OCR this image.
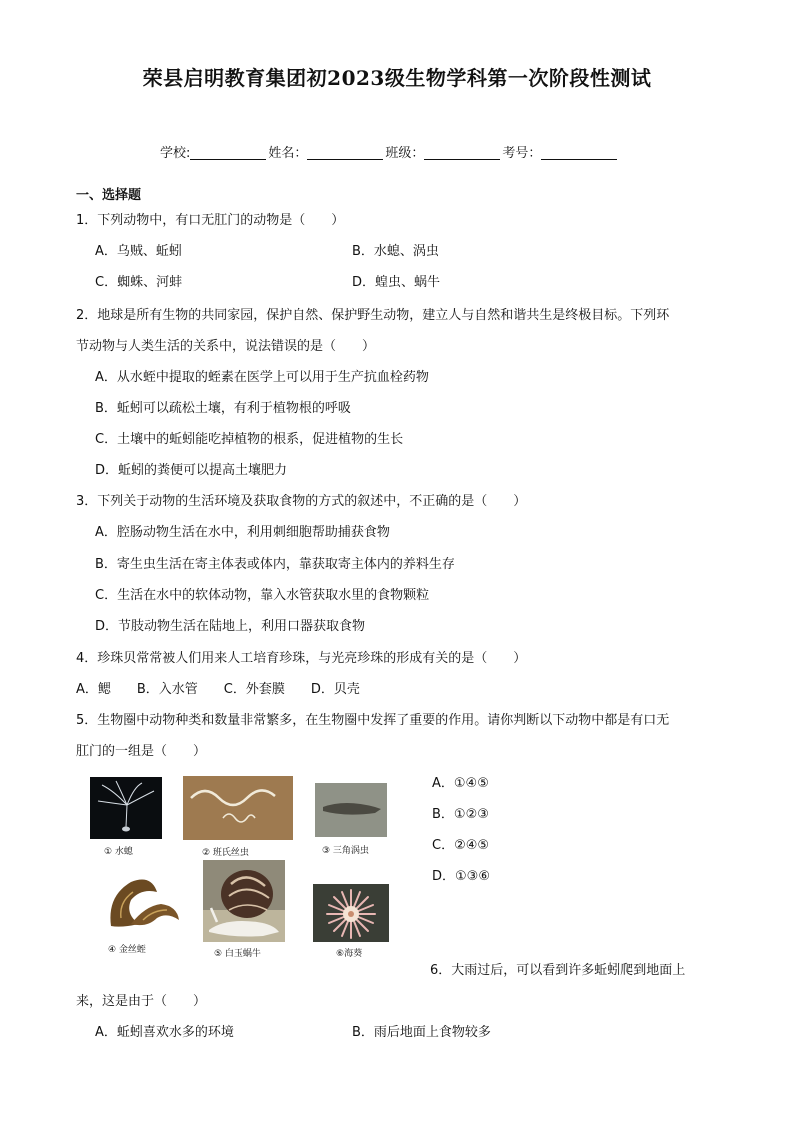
荣县启明教育集团初2023级生物学科第一次阶段性测试
学校:	姓名：	班级：	考号：
一、选择题
1．下列动物中，有口无肛门的动物是（　　）
A．乌贼、蚯蚓	B．水螅、涡虫
C．蜘蛛、河蚌	D．蝗虫、蜗牛
2．地球是所有生物的共同家园，保护自然、保护野生动物，建立人与自然和谐共生是终极目标。下列环
节动物与人类生活的关系中，说法错误的是（　　）
A．从水蛭中提取的蛭素在医学上可以用于生产抗血栓药物
B．蚯蚓可以疏松土壤，有利于植物根的呼吸
C．土壤中的蚯蚓能吃掉植物的根系，促进植物的生长
D．蚯蚓的粪便可以提高土壤肥力
3．下列关于动物的生活环境及获取食物的方式的叙述中，不正确的是（　　）
A．腔肠动物生活在水中，利用刺细胞帮助捕获食物
B．寄生虫生活在寄主体表或体内，靠获取寄主体内的养料生存
C．生活在水中的软体动物，靠入水管获取水里的食物颗粒
D．节肢动物生活在陆地上，利用口器获取食物
4．珍珠贝常常被人们用来人工培育珍珠，与光亮珍珠的形成有关的是（　　）
A．鳃　　B．入水管　　C．外套膜　　D．贝壳
5．生物圈中动物种类和数量非常繁多，在生物圈中发挥了重要的作用。请你判断以下动物中都是有口无
肛门的一组是（　　）
① 水螅	② 班氏丝虫	③ 三角涡虫
④ 金丝蛭	⑤ 白玉蜗牛	⑥海葵
A．①④⑤
B．①②③
C．②④⑤
D．①③⑥
6．大雨过后，可以看到许多蚯蚓爬到地面上
来，这是由于（　　）
A．蚯蚓喜欢水多的环境	B．雨后地面上食物较多
